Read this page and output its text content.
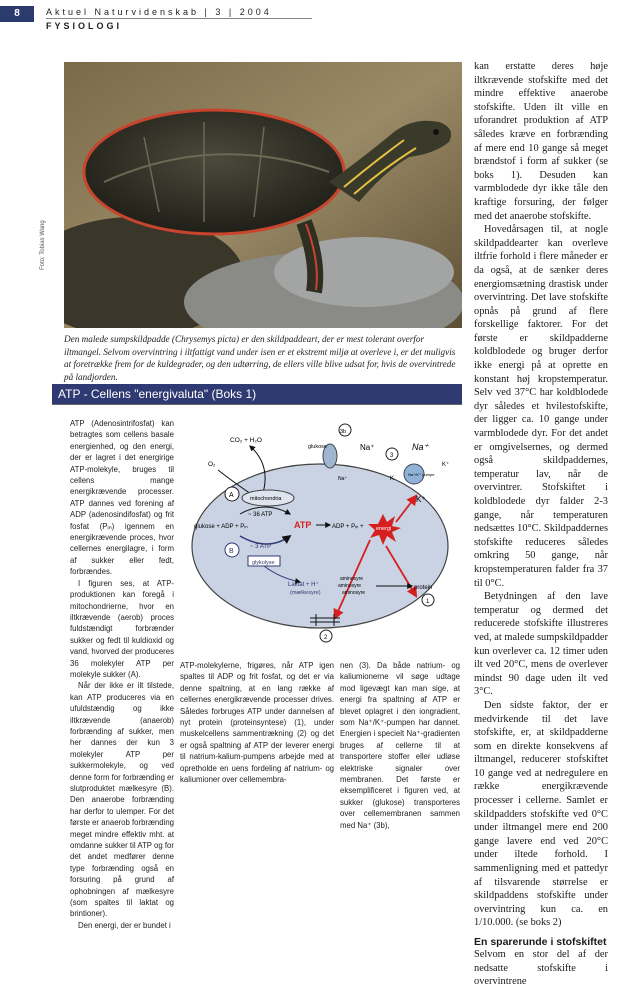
8	Aktuel Naturvidenskab | 3 | 2004
FYSIOLOGI
Foto: Tobias Wang

Den malede sumpskildpadde (Chrysemys picta) er den skildpaddeart, der er mest tolerant overfor iltmangel. Selvom overvintring i iltfattigt vand under isen er et ekstremt miljø at overleve i, er det muligvis at foretrække frem for de kuldegrader, og den udtørring, de ellers ville blive udsat for, hvis de overvintrede på landjorden.

ATP - Cellens "energivaluta" (Boks 1)

ATP (Adenosintrifosfat) kan betragtes som cellens basale energienhed, og den energi, der er lagret i det energirige ATP-molekyle, bruges til cellens mange energikrævende processer. ATP dannes ved forening af ADP (adenosindifosfat) og frit fosfat (Pᵢₙ) igennem en energikrævende proces, hvor cellernes energilagre, i form af sukker eller fedt, forbrændes.

I figuren ses, at ATP-produktionen kan foregå i mitochondrierne, hvor en iltkrævende (aerob) proces fuldstændigt forbrænder sukker og fedt til kuldioxid og vand, hvorved der produceres 36 molekyler ATP per molekyle sukker (A).

Når der ikke er ilt tilstede, kan ATP produceres via en ufuldstændig og ikke iltkrævende (anaerob) forbrænding af sukker, men her dannes der kun 3 molekyler ATP per sukkermolekyle, og ved denne form for forbrænding er slutproduktet mælkesyre (B). Den anaerobe forbrænding har derfor to ulemper. For det første er anaerob forbrænding meget mindre effektiv mht. at omdanne sukker til ATP og for det andet medfører denne type forbrænding også en forsuring på grund af ophobningen af mælkesyre (som spaltes til laktat og brintioner).

Den energi, der er bundet i

CO₂ + H₂O
O₂
mitochondria
A
~ 36 ATP
glukose + ADP + Pᵢₙ	ATP	ADP + Pᵢₙ + energi
~ 3 ATP
B
glykolyse
Laktat + H⁺
(mælkesyre)
aminosyre
aminosyre
aminosyre
protein
1
2
3b
glukose	Na⁺
Na⁺
Na⁺/K⁺ pumpe
3
Na⁺
K⁺
K
K⁺

ATP-molekylerne, frigøres, når ATP igen spaltes til ADP og frit fosfat, og det er via denne spaltning, at en lang række af cellernes energikrævende processer drives. Således forbruges ATP under dannelsen af nyt protein (proteinsyntese) (1), under muskelcellens sammentrækning (2) og det er også spaltning af ATP der leverer energi til natrium-kalium-pumpens arbejde med at opretholde en uens fordeling af natrium- og kaliumioner over cellemembra-

nen (3). Da både natrium- og kaliumionerne vil søge udtage mod ligevægt kan man sige, at energi fra spaltning af ATP er blevet oplagret i den iongradient, som Na⁺/K⁺-pumpen har dannet. Energien i specielt Na⁺-gradienten bruges af cellerne til at transportere stoffer eller udløse elektriske signaler over membranen. Det første er eksemplificeret i figuren ved, at sukker (glukose) transporteres over cellemembranen sammen med Na⁺ (3b),

kan erstatte deres høje iltkrævende stofskifte med det mindre effektive anaerobe stofskifte. Uden ilt ville en uforandret produktion af ATP således kræve en forbrænding af mere end 10 gange så meget brændstof i form af sukker (se boks 1). Desuden kan varmblodede dyr ikke tåle den kraftige forsuring, der følger med det anaerobe stofskifte.

Hovedårsagen til, at nogle skildpaddearter kan overleve iltfrie forhold i flere måneder er da også, at de sænker deres energiomsætning drastisk under overvintring. Det lave stofskifte opnås på grund af flere forskellige faktorer. For det første er skildpadderne koldblodede og bruger derfor ikke energi på at oprette en konstant høj kropstemperatur. Selv ved 37°C har koldblodede dyr således et hvilestofskifte, der ligger ca. 10 gange under varmblodede dyr. For det andet er omgivelsernes, og dermed også skildpaddernes, temperatur lav, når de overvintrer. Stofskiftet i koldblodede dyr falder 2-3 gange, når temperaturen nedsættes 10°C. Skildpaddernes stofskifte reduceres således omkring 50 gange, når kropstemperaturen falder fra 37 til 0°C.

Betydningen af den lave temperatur og dermed det reducerede stofskifte illustreres ved, at malede sumpskildpadder kun overlever ca. 12 timer uden ilt ved 20°C, mens de overlever mindst 90 dage uden ilt ved 3°C.

Den sidste faktor, der er medvirkende til det lave stofskifte, er, at skildpadderne som en direkte konsekvens af iltmangel, reducerer stofskiftet 10 gange ved at nedregulere en række energikrævende processer i cellerne. Samlet er skildpadders stofskifte ved 0°C under iltmangel mere end 200 gange lavere end ved 20°C under iltede forhold. I sammenligning med et pattedyr af tilsvarende størrelse er skildpaddens stofskifte under overvintring kun ca. en 1/10.000. (se boks 2)

En sparerunde i stofskiftet

Selvom en stor del af der nedsatte stofskifte i overvintrene
